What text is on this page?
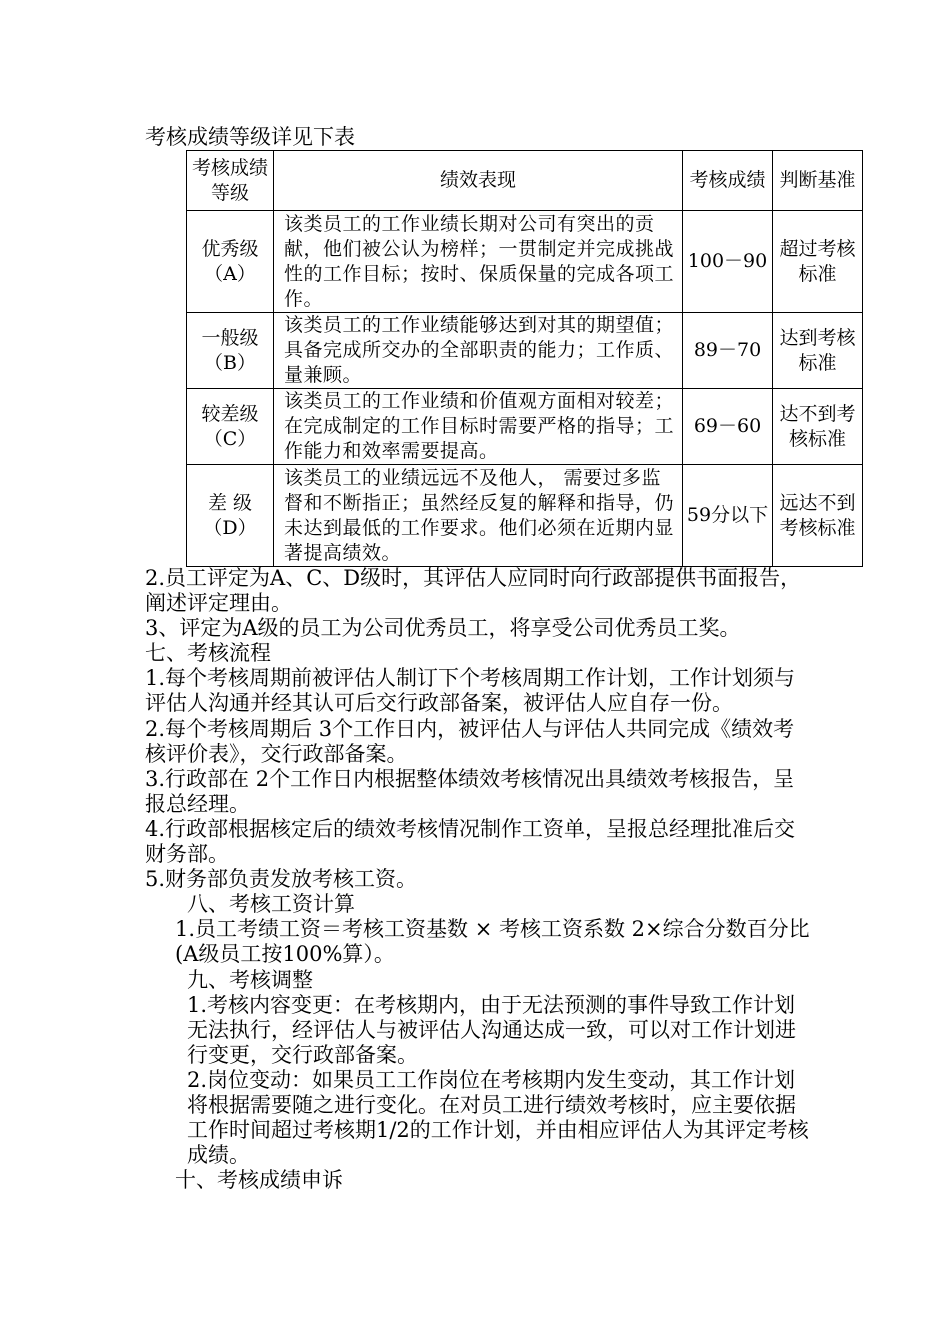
考核成绩等级详见下表
考核成绩等级	绩效表现	考核成绩	判断基准
优秀级（A）	该类员工的工作业绩长期对公司有突出的贡献，他们被公认为榜样；一贯制定并完成挑战性的工作目标；按时、保质保量的完成各项工作。	100－90	超过考核标准
一般级（B）	该类员工的工作业绩能够达到对其的期望值；具备完成所交办的全部职责的能力；工作质、量兼顾。	89－70	达到考核标准
较差级（C）	该类员工的工作业绩和价值观方面相对较差；在完成制定的工作目标时需要严格的指导；工作能力和效率需要提高。	69－60	达不到考核标准
差 级（D）	该类员工的业绩远远不及他人， 需要过多监督和不断指正；虽然经反复的解释和指导，仍未达到最低的工作要求。他们必须在近期内显著提高绩效。	59分以下	远达不到考核标准

2.员工评定为A、C、D级时，其评估人应同时向行政部提供书面报告，阐述评定理由。

3、评定为A级的员工为公司优秀员工，将享受公司优秀员工奖。

七、考核流程

1.每个考核周期前被评估人制订下个考核周期工作计划，工作计划须与评估人沟通并经其认可后交行政部备案，被评估人应自存一份。

2.每个考核周期后 3个工作日内，被评估人与评估人共同完成《绩效考核评价表》，交行政部备案。

3.行政部在 2个工作日内根据整体绩效考核情况出具绩效考核报告，呈报总经理。

4.行政部根据核定后的绩效考核情况制作工资单，呈报总经理批准后交财务部。

5.财务部负责发放考核工资。

八、考核工资计算

1.员工考绩工资＝考核工资基数 × 考核工资系数 2×综合分数百分比(A级员工按100%算）。

九、考核调整

1.考核内容变更：在考核期内，由于无法预测的事件导致工作计划无法执行，经评估人与被评估人沟通达成一致，可以对工作计划进行变更，交行政部备案。

2.岗位变动：如果员工工作岗位在考核期内发生变动，其工作计划将根据需要随之进行变化。在对员工进行绩效考核时，应主要依据工作时间超过考核期1/2的工作计划，并由相应评估人为其评定考核成绩。

十、考核成绩申诉
